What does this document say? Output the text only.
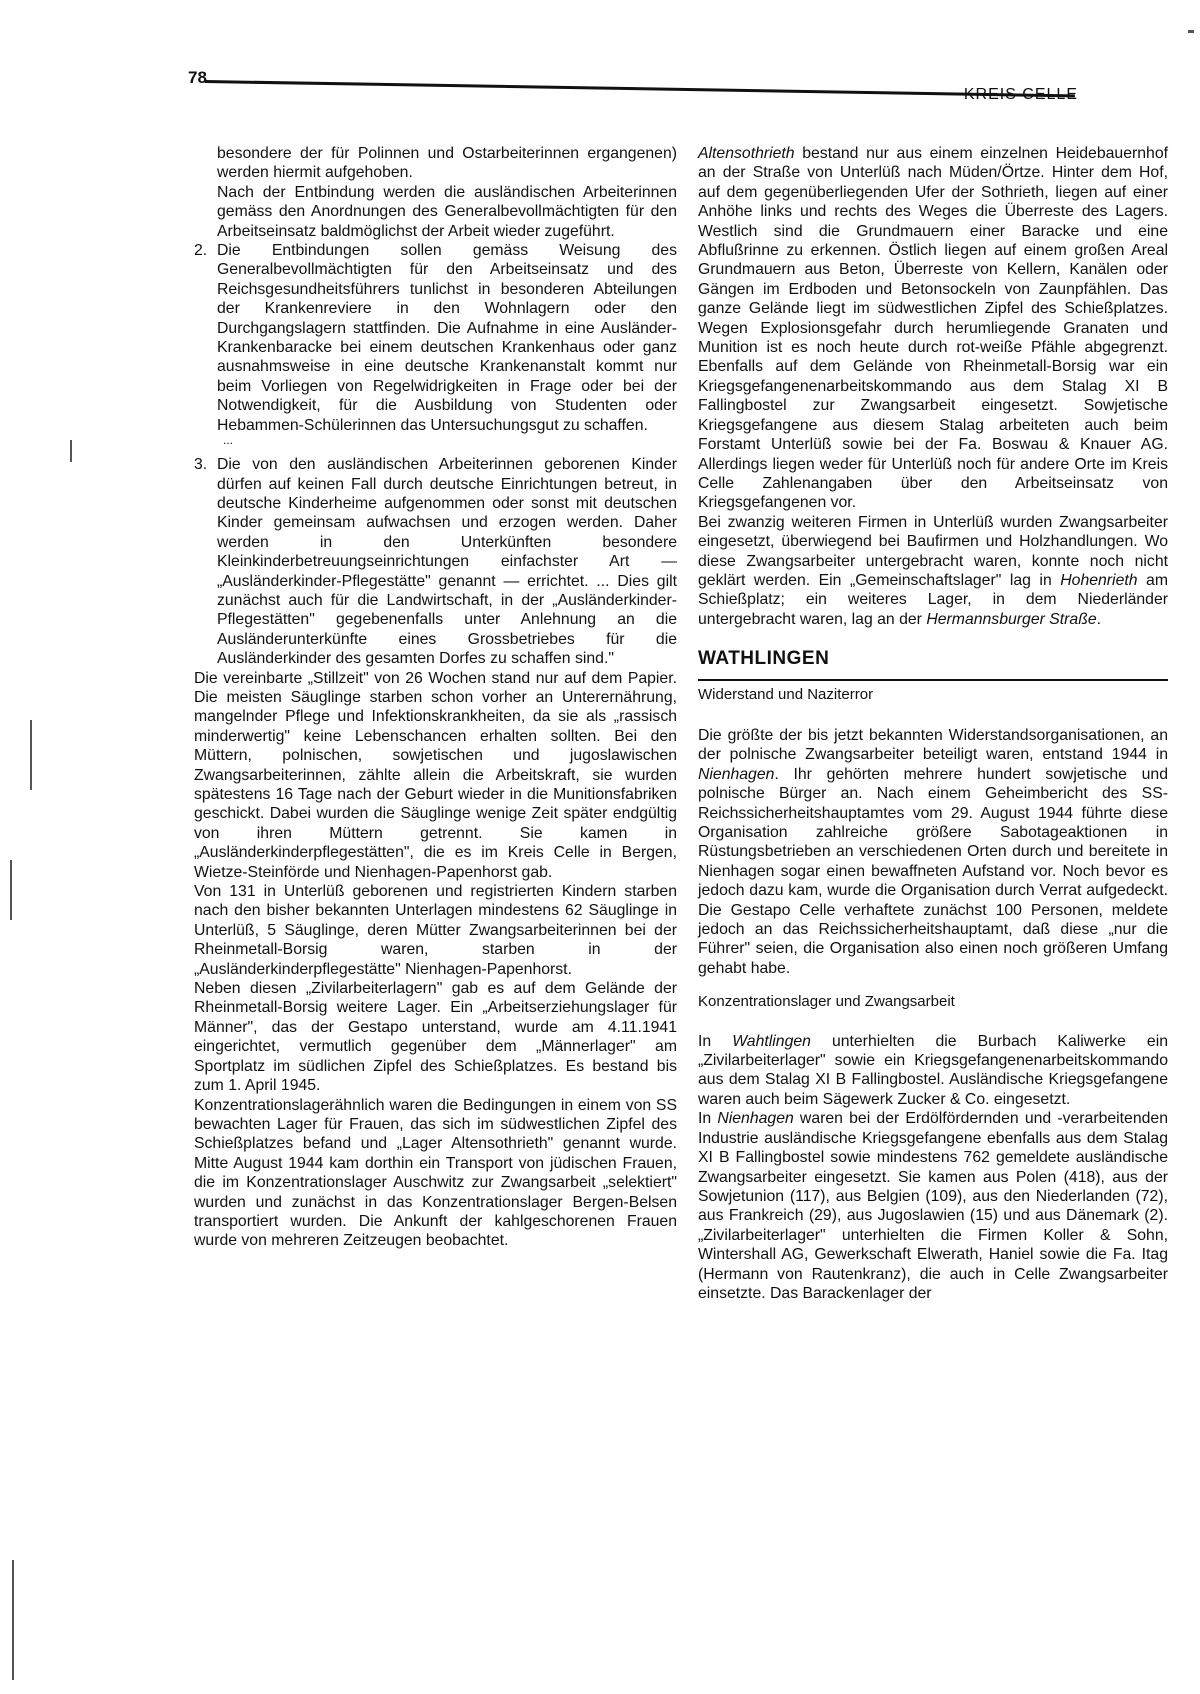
78
KREIS CELLE

besondere der für Polinnen und Ostarbeiterinnen ergangenen) werden hiermit aufgehoben.

Nach der Entbindung werden die ausländischen Arbeiterinnen gemäss den Anordnungen des Generalbevollmächtigten für den Arbeitseinsatz baldmöglichst der Arbeit wieder zugeführt.

2. Die Entbindungen sollen gemäss Weisung des Generalbevollmächtigten für den Arbeitseinsatz und des Reichsgesundheitsführers tunlichst in besonderen Abteilungen der Krankenreviere in den Wohnlagern oder den Durchgangslagern stattfinden. Die Aufnahme in eine Ausländer-Krankenbaracke bei einem deutschen Krankenhaus oder ganz ausnahmsweise in eine deutsche Krankenanstalt kommt nur beim Vorliegen von Regelwidrigkeiten in Frage oder bei der Notwendigkeit, für die Ausbildung von Studenten oder Hebammen-Schülerinnen das Untersuchungsgut zu schaffen.

...

3. Die von den ausländischen Arbeiterinnen geborenen Kinder dürfen auf keinen Fall durch deutsche Einrichtungen betreut, in deutsche Kinderheime aufgenommen oder sonst mit deutschen Kinder gemeinsam aufwachsen und erzogen werden. Daher werden in den Unterkünften besondere Kleinkinderbetreuungseinrichtungen einfachster Art — „Ausländerkinder-Pflegestätte" genannt — errichtet. ... Dies gilt zunächst auch für die Landwirtschaft, in der „Ausländerkinder-Pflegestätten" gegebenenfalls unter Anlehnung an die Ausländerunterkünfte eines Grossbetriebes für die Ausländerkinder des gesamten Dorfes zu schaffen sind."

Die vereinbarte „Stillzeit" von 26 Wochen stand nur auf dem Papier. Die meisten Säuglinge starben schon vorher an Unterernährung, mangelnder Pflege und Infektionskrankheiten, da sie als „rassisch minderwertig" keine Lebenschancen erhalten sollten. Bei den Müttern, polnischen, sowjetischen und jugoslawischen Zwangsarbeiterinnen, zählte allein die Arbeitskraft, sie wurden spätestens 16 Tage nach der Geburt wieder in die Munitionsfabriken geschickt. Dabei wurden die Säuglinge wenige Zeit später endgültig von ihren Müttern getrennt. Sie kamen in „Ausländerkinderpflegestätten", die es im Kreis Celle in Bergen, Wietze-Steinförde und Nienhagen-Papenhorst gab.

Von 131 in Unterlüß geborenen und registrierten Kindern starben nach den bisher bekannten Unterlagen mindestens 62 Säuglinge in Unterlüß, 5 Säuglinge, deren Mütter Zwangsarbeiterinnen bei der Rheinmetall-Borsig waren, starben in der „Ausländerkinderpflegestätte" Nienhagen-Papenhorst.

Neben diesen „Zivilarbeiterlagern" gab es auf dem Gelände der Rheinmetall-Borsig weitere Lager. Ein „Arbeitserziehungslager für Männer", das der Gestapo unterstand, wurde am 4.11.1941 eingerichtet, vermutlich gegenüber dem „Männerlager" am Sportplatz im südlichen Zipfel des Schießplatzes. Es bestand bis zum 1. April 1945.

Konzentrationslagerähnlich waren die Bedingungen in einem von SS bewachten Lager für Frauen, das sich im südwestlichen Zipfel des Schießplatzes befand und „Lager Altensothrieth" genannt wurde. Mitte August 1944 kam dorthin ein Transport von jüdischen Frauen, die im Konzentrationslager Auschwitz zur Zwangsarbeit „selektiert" wurden und zunächst in das Konzentrationslager Bergen-Belsen transportiert wurden. Die Ankunft der kahlgeschorenen Frauen wurde von mehreren Zeitzeugen beobachtet.

Altensothrieth bestand nur aus einem einzelnen Heidebauernhof an der Straße von Unterlüß nach Müden/Örtze. Hinter dem Hof, auf dem gegenüberliegenden Ufer der Sothrieth, liegen auf einer Anhöhe links und rechts des Weges die Überreste des Lagers. Westlich sind die Grundmauern einer Baracke und eine Abflußrinne zu erkennen. Östlich liegen auf einem großen Areal Grundmauern aus Beton, Überreste von Kellern, Kanälen oder Gängen im Erdboden und Betonsockeln von Zaunpfählen. Das ganze Gelände liegt im südwestlichen Zipfel des Schießplatzes. Wegen Explosionsgefahr durch herumliegende Granaten und Munition ist es noch heute durch rot-weiße Pfähle abgegrenzt. Ebenfalls auf dem Gelände von Rheinmetall-Borsig war ein Kriegsgefangenenarbeitskommando aus dem Stalag XI B Fallingbostel zur Zwangsarbeit eingesetzt. Sowjetische Kriegsgefangene aus diesem Stalag arbeiteten auch beim Forstamt Unterlüß sowie bei der Fa. Boswau & Knauer AG. Allerdings liegen weder für Unterlüß noch für andere Orte im Kreis Celle Zahlenangaben über den Arbeitseinsatz von Kriegsgefangenen vor.

Bei zwanzig weiteren Firmen in Unterlüß wurden Zwangsarbeiter eingesetzt, überwiegend bei Baufirmen und Holzhandlungen. Wo diese Zwangsarbeiter untergebracht waren, konnte noch nicht geklärt werden. Ein „Gemeinschaftslager" lag in Hohenrieth am Schießplatz; ein weiteres Lager, in dem Niederländer untergebracht waren, lag an der Hermannsburger Straße.

WATHLINGEN
Widerstand und Naziterror

Die größte der bis jetzt bekannten Widerstandsorganisationen, an der polnische Zwangsarbeiter beteiligt waren, entstand 1944 in Nienhagen. Ihr gehörten mehrere hundert sowjetische und polnische Bürger an. Nach einem Geheimbericht des SS-Reichssicherheitshauptamtes vom 29. August 1944 führte diese Organisation zahlreiche größere Sabotageaktionen in Rüstungsbetrieben an verschiedenen Orten durch und bereitete in Nienhagen sogar einen bewaffneten Aufstand vor. Noch bevor es jedoch dazu kam, wurde die Organisation durch Verrat aufgedeckt. Die Gestapo Celle verhaftete zunächst 100 Personen, meldete jedoch an das Reichssicherheitshauptamt, daß diese „nur die Führer" seien, die Organisation also einen noch größeren Umfang gehabt habe.

Konzentrationslager und Zwangsarbeit

In Wahtlingen unterhielten die Burbach Kaliwerke ein „Zivilarbeiterlager" sowie ein Kriegsgefangenenarbeitskommando aus dem Stalag XI B Fallingbostel. Ausländische Kriegsgefangene waren auch beim Sägewerk Zucker & Co. eingesetzt.

In Nienhagen waren bei der Erdölfördernden und -verarbeitenden Industrie ausländische Kriegsgefangene ebenfalls aus dem Stalag XI B Fallingbostel sowie mindestens 762 gemeldete ausländische Zwangsarbeiter eingesetzt. Sie kamen aus Polen (418), aus der Sowjetunion (117), aus Belgien (109), aus den Niederlanden (72), aus Frankreich (29), aus Jugoslawien (15) und aus Dänemark (2). „Zivilarbeiterlager" unterhielten die Firmen Koller & Sohn, Wintershall AG, Gewerkschaft Elwerath, Haniel sowie die Fa. Itag (Hermann von Rautenkranz), die auch in Celle Zwangsarbeiter einsetzte. Das Barackenlager der
